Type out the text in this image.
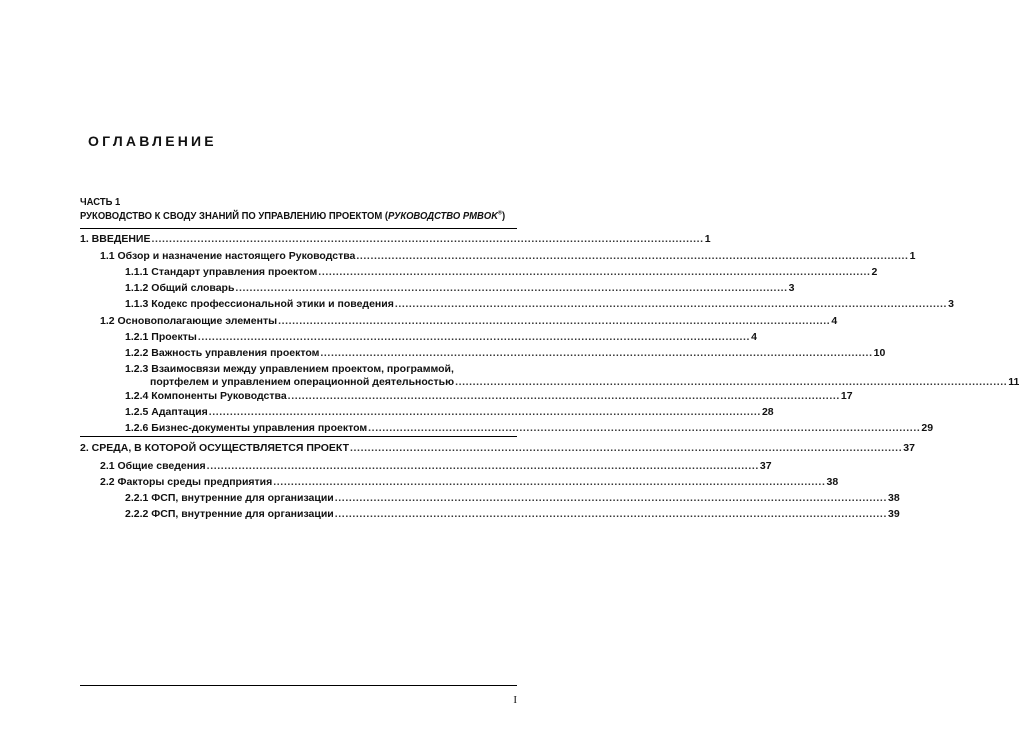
ОГЛАВЛЕНИЕ
ЧАСТЬ 1
РУКОВОДСТВО К СВОДУ ЗНАНИЙ ПО УПРАВЛЕНИЮ ПРОЕКТОМ (РУКОВОДСТВО PMBOK®)
1. ВВЕДЕНИЕ ............................................................................................................................................................. 1
1.1 Обзор и назначение настоящего Руководства ............................................................................................................................................................. 1
1.1.1 Стандарт управления проектом ............................................................................................................................................................. 2
1.1.2 Общий словарь ............................................................................................................................................................. 3
1.1.3 Кодекс профессиональной этики и поведения ............................................................................................................................................................. 3
1.2 Основополагающие элементы ............................................................................................................................................................. 4
1.2.1 Проекты ............................................................................................................................................................. 4
1.2.2 Важность управления проектом ............................................................................................................................................................. 10
1.2.3 Взаимосвязи между управлением проектом, программой,
портфелем и управлением операционной деятельностью ............................................................................................................................................................. 11
1.2.4 Компоненты Руководства ............................................................................................................................................................. 17
1.2.5 Адаптация ............................................................................................................................................................. 28
1.2.6 Бизнес-документы управления проектом ............................................................................................................................................................. 29
2. СРЕДА, В КОТОРОЙ ОСУЩЕСТВЛЯЕТСЯ ПРОЕКТ ............................................................................................................................................................. 37
2.1 Общие сведения ............................................................................................................................................................. 37
2.2 Факторы среды предприятия ............................................................................................................................................................. 38
2.2.1 ФСП, внутренние для организации ............................................................................................................................................................. 38
2.2.2 ФСП, внутренние для организации ............................................................................................................................................................. 39
I
